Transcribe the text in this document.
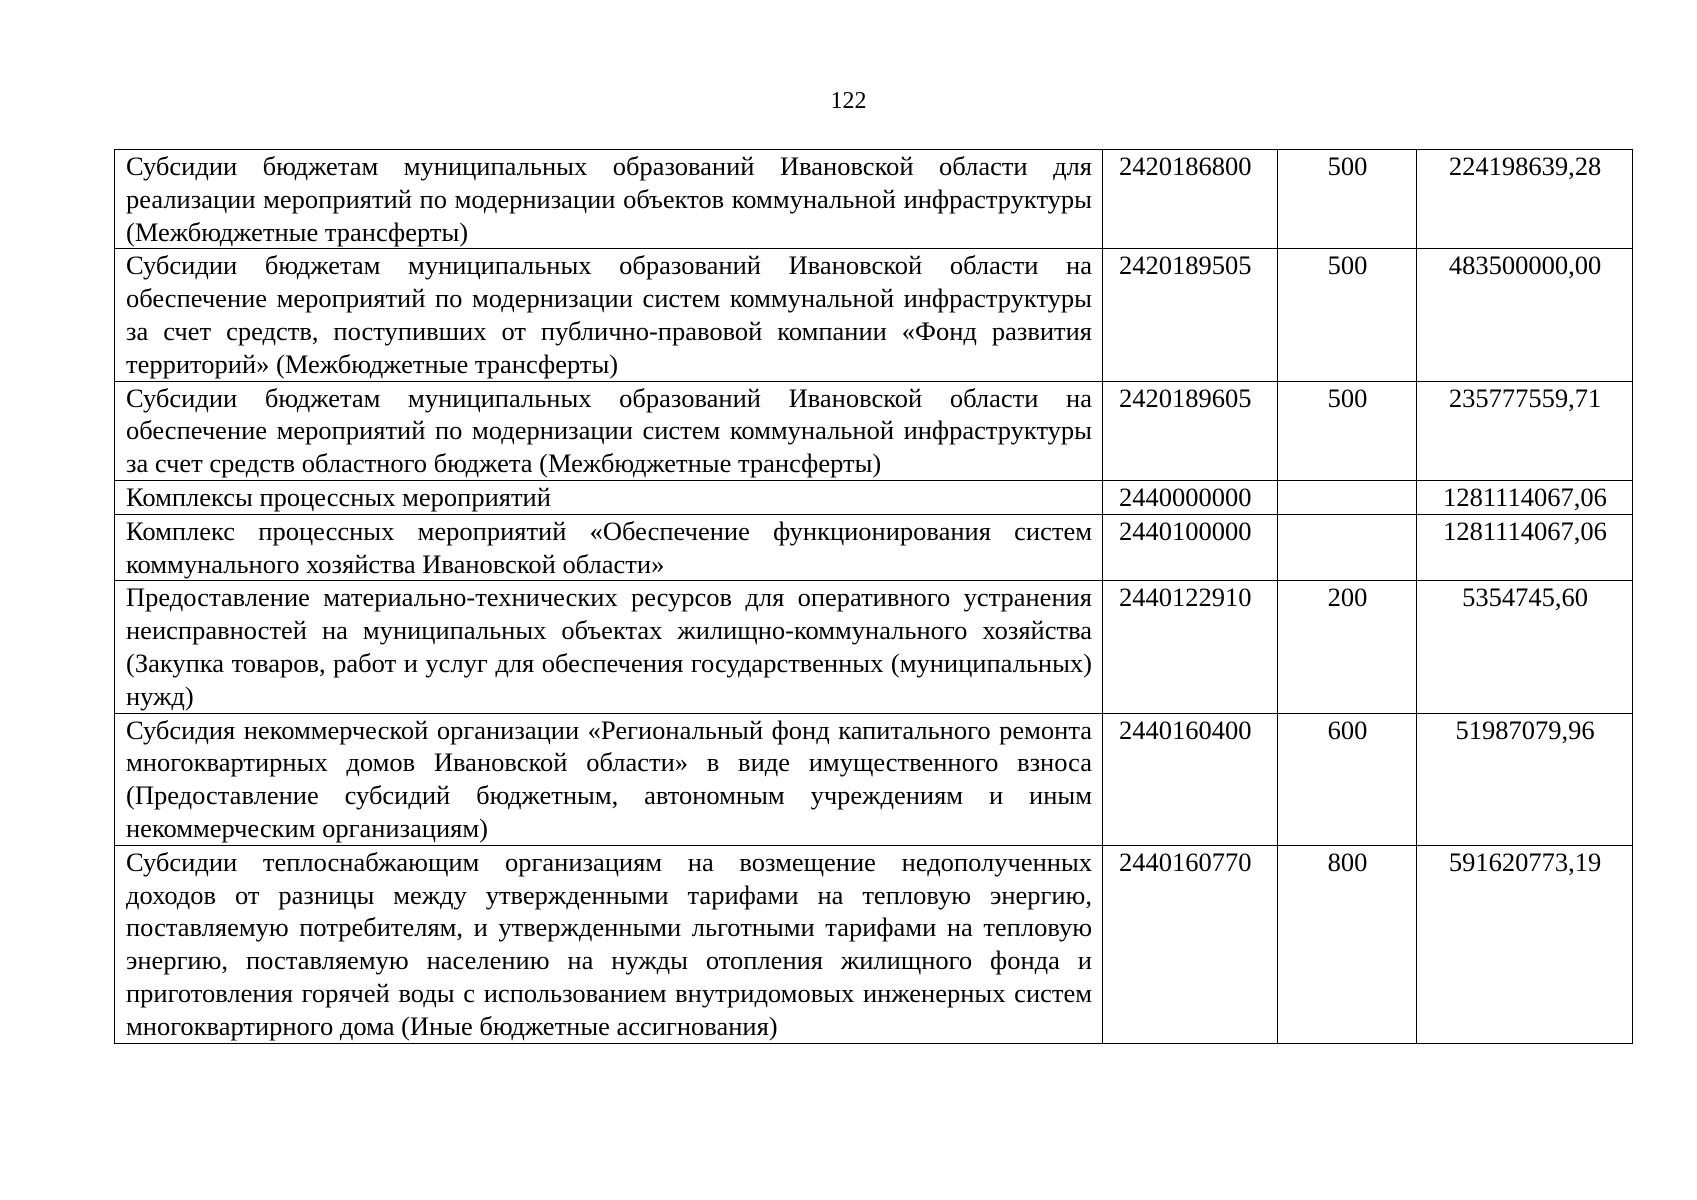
122
Субсидии бюджетам муниципальных образований Ивановской области для реализации мероприятий по модернизации объектов коммунальной инфраструктуры (Межбюджетные трансферты)	2420186800	500	224198639,28
Субсидии бюджетам муниципальных образований Ивановской области на обеспечение мероприятий по модернизации систем коммунальной инфраструктуры за счет средств, поступивших от публично-правовой компании «Фонд развития территорий» (Межбюджетные трансферты)	2420189505	500	483500000,00
Субсидии бюджетам муниципальных образований Ивановской области на обеспечение мероприятий по модернизации систем коммунальной инфраструктуры за счет средств областного бюджета (Межбюджетные трансферты)	2420189605	500	235777559,71
Комплексы процессных мероприятий	2440000000		1281114067,06
Комплекс процессных мероприятий «Обеспечение функционирования систем коммунального хозяйства Ивановской области»	2440100000		1281114067,06
Предоставление материально-технических ресурсов для оперативного устранения неисправностей на муниципальных объектах жилищно-коммунального хозяйства (Закупка товаров, работ и услуг для обеспечения государственных (муниципальных) нужд)	2440122910	200	5354745,60
Субсидия некоммерческой организации «Региональный фонд капитального ремонта многоквартирных домов Ивановской области» в виде имущественного взноса (Предоставление субсидий бюджетным, автономным учреждениям и иным некоммерческим организациям)	2440160400	600	51987079,96
Субсидии теплоснабжающим организациям на возмещение недополученных доходов от разницы между утвержденными тарифами на тепловую энергию, поставляемую потребителям, и утвержденными льготными тарифами на тепловую энергию, поставляемую населению на нужды отопления жилищного фонда и приготовления горячей воды с использованием внутридомовых инженерных систем многоквартирного дома (Иные бюджетные ассигнования)	2440160770	800	591620773,19
